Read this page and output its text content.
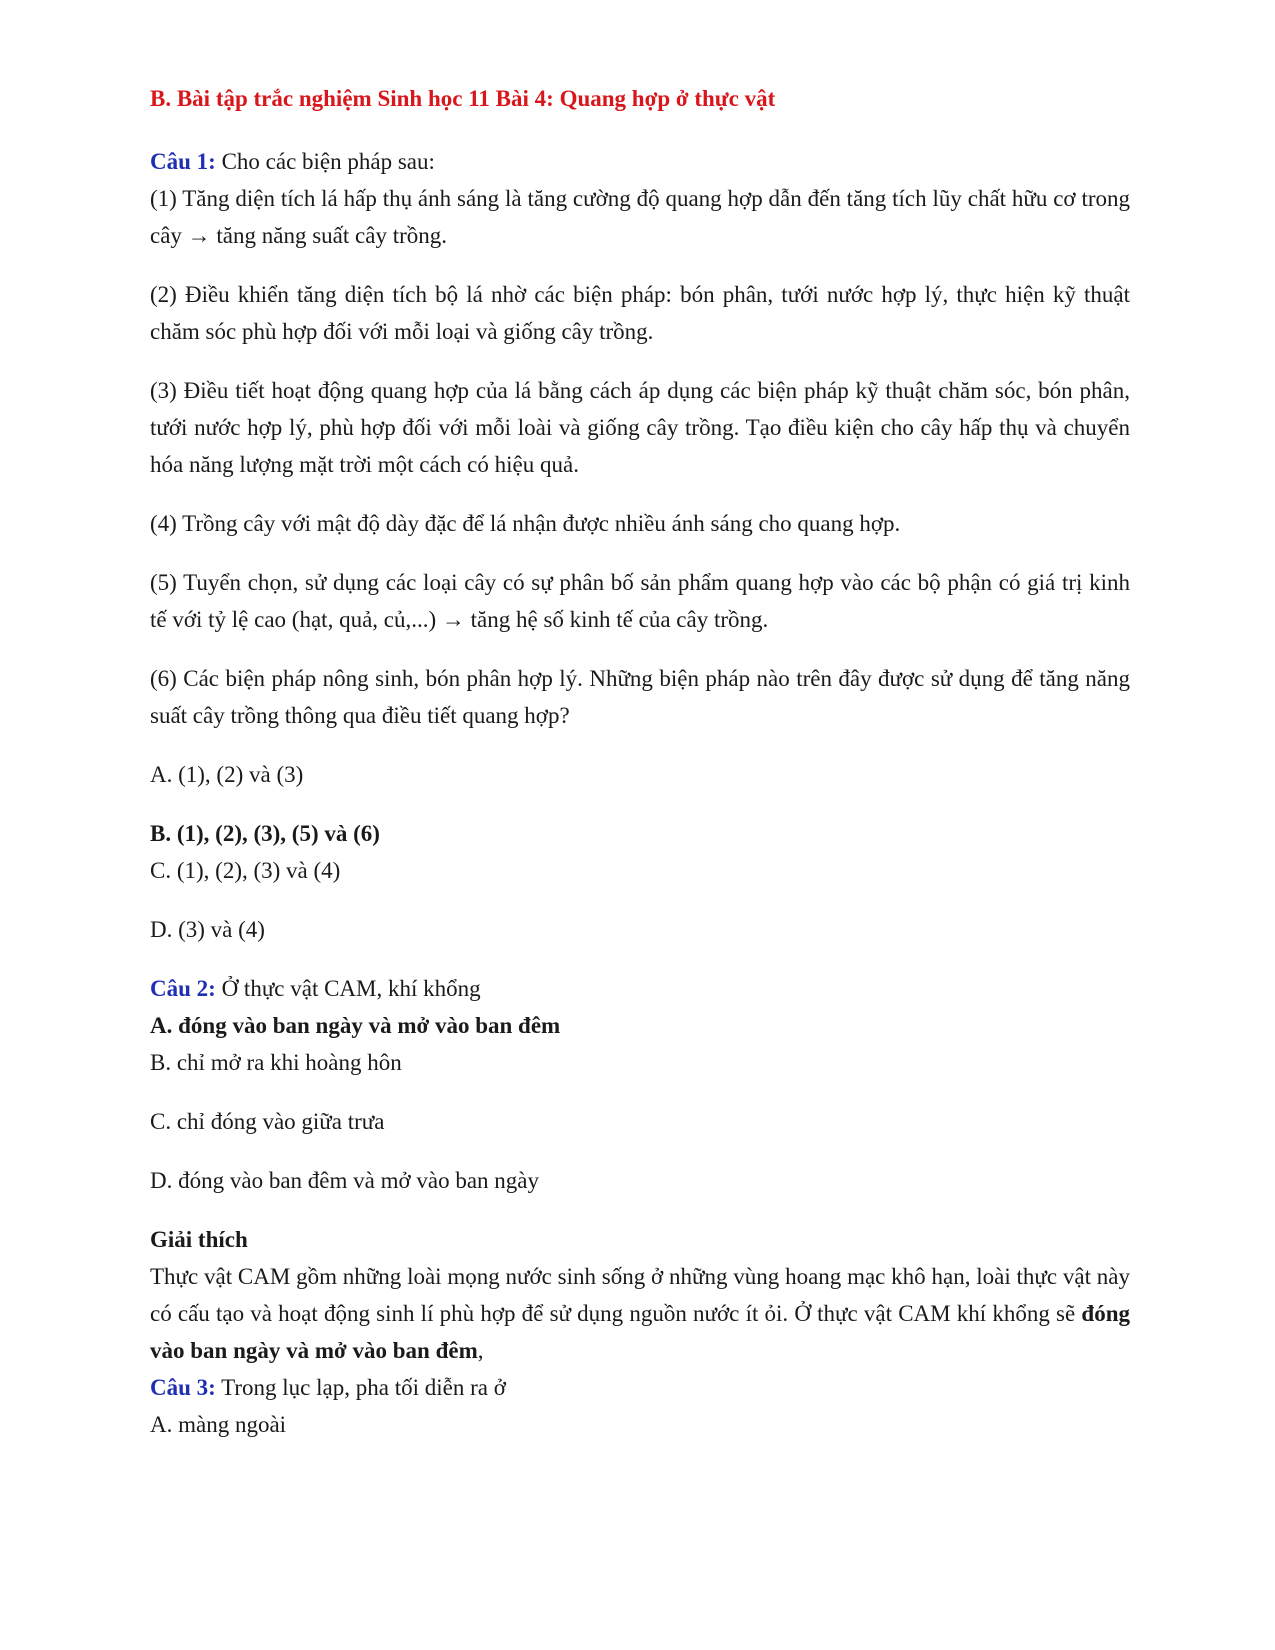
B. Bài tập trắc nghiệm Sinh học 11 Bài 4: Quang hợp ở thực vật

Câu 1: Cho các biện pháp sau:

(1) Tăng diện tích lá hấp thụ ánh sáng là tăng cường độ quang hợp dẫn đến tăng tích lũy chất hữu cơ trong cây → tăng năng suất cây trồng.

(2) Điều khiển tăng diện tích bộ lá nhờ các biện pháp: bón phân, tưới nước hợp lý, thực hiện kỹ thuật chăm sóc phù hợp đối với mỗi loại và giống cây trồng.

(3) Điều tiết hoạt động quang hợp của lá bằng cách áp dụng các biện pháp kỹ thuật chăm sóc, bón phân, tưới nước hợp lý, phù hợp đối với mỗi loài và giống cây trồng. Tạo điều kiện cho cây hấp thụ và chuyển hóa năng lượng mặt trời một cách có hiệu quả.

(4) Trồng cây với mật độ dày đặc để lá nhận được nhiều ánh sáng cho quang hợp.

(5) Tuyển chọn, sử dụng các loại cây có sự phân bố sản phẩm quang hợp vào các bộ phận có giá trị kinh tế với tỷ lệ cao (hạt, quả, củ,...) → tăng hệ số kinh tế của cây trồng.

(6) Các biện pháp nông sinh, bón phân hợp lý. Những biện pháp nào trên đây được sử dụng để tăng năng suất cây trồng thông qua điều tiết quang hợp?

A. (1), (2) và (3)

B. (1), (2), (3), (5) và (6)

C. (1), (2), (3) và (4)

D. (3) và (4)

Câu 2: Ở thực vật CAM, khí khổng

A. đóng vào ban ngày và mở vào ban đêm

B. chỉ mở ra khi hoàng hôn

C. chỉ đóng vào giữa trưa

D. đóng vào ban đêm và mở vào ban ngày

Giải thích

Thực vật CAM gồm những loài mọng nước sinh sống ở những vùng hoang mạc khô hạn, loài thực vật này có cấu tạo và hoạt động sinh lí phù hợp để sử dụng nguồn nước ít ỏi. Ở thực vật CAM khí khổng sẽ đóng vào ban ngày và mở vào ban đêm,

Câu 3: Trong lục lạp, pha tối diễn ra ở

A. màng ngoài
